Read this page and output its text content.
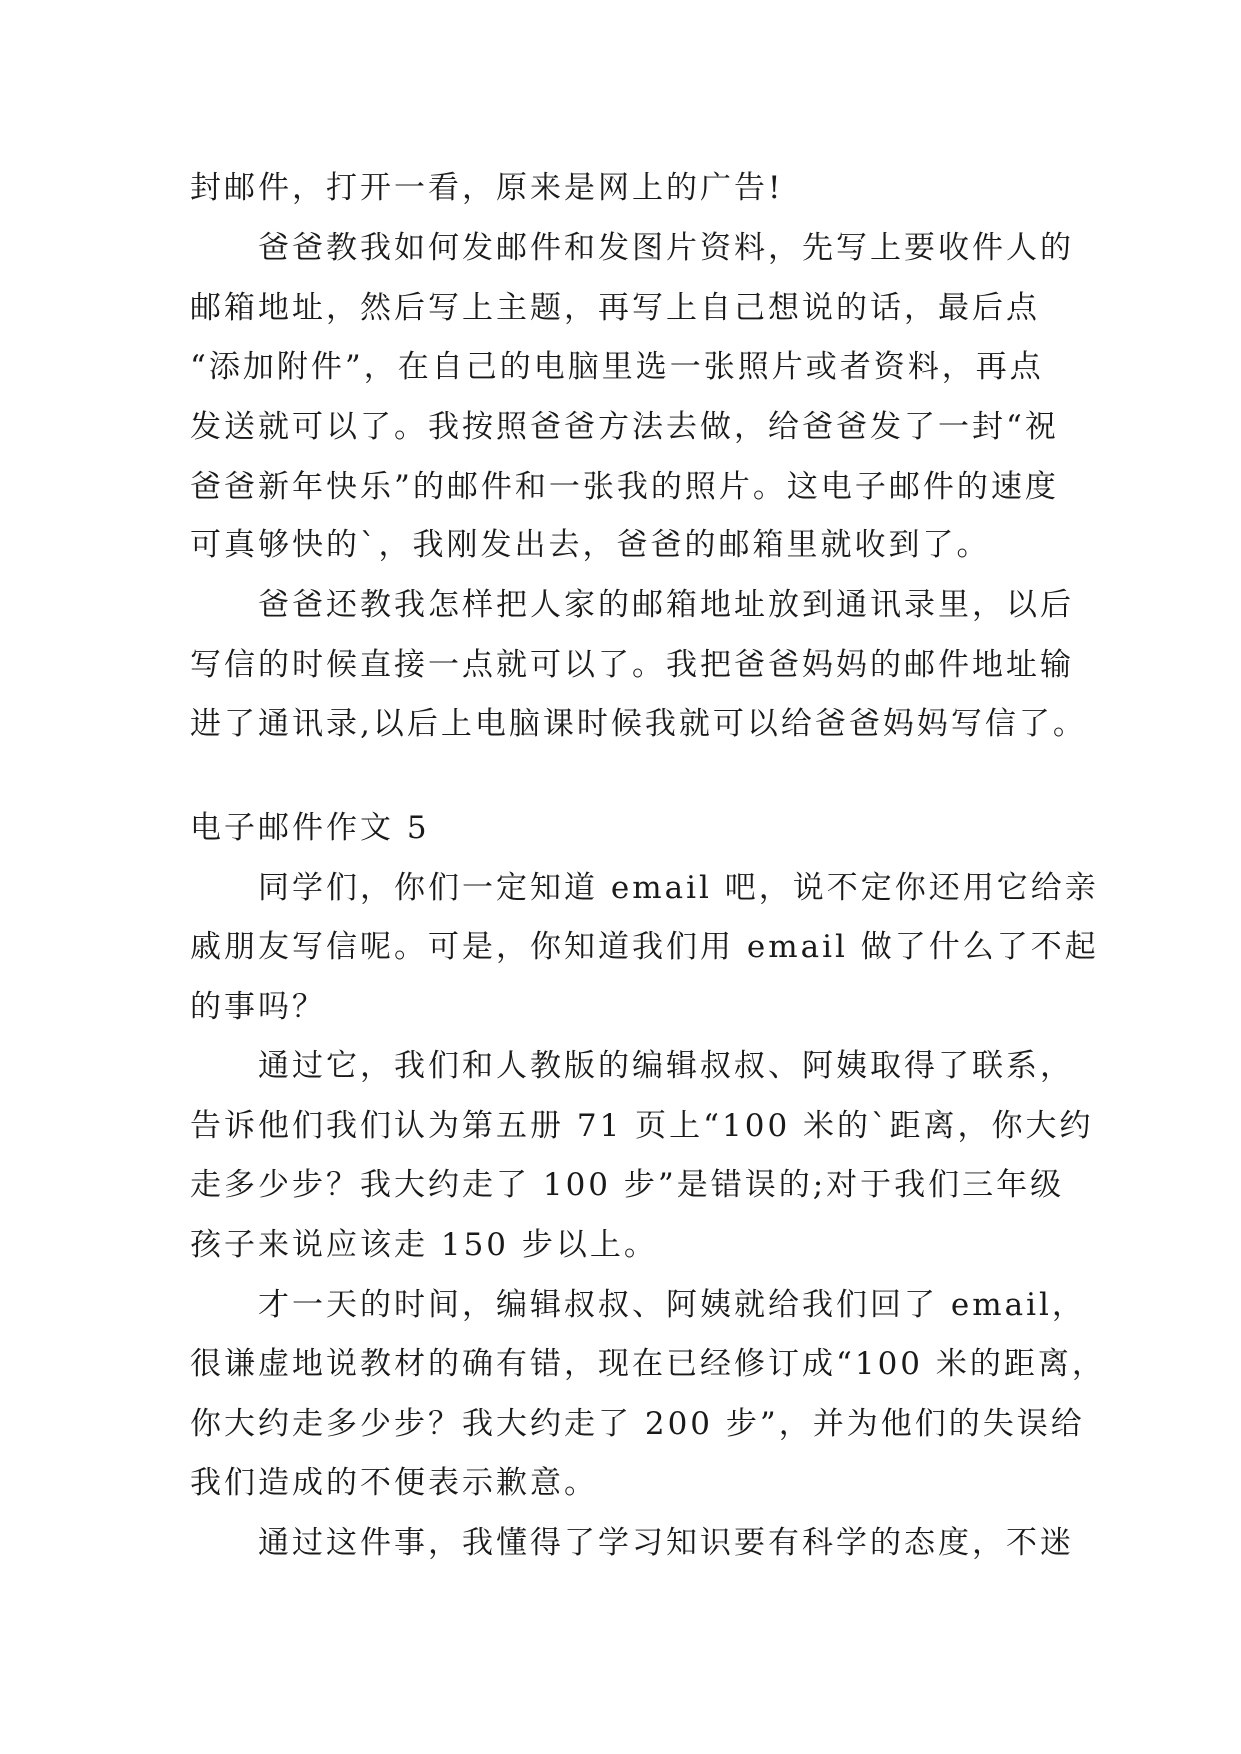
封邮件，打开一看，原来是网上的广告!
爸爸教我如何发邮件和发图片资料，先写上要收件人的
邮箱地址，然后写上主题，再写上自己想说的话，最后点
“添加附件”，在自己的电脑里选一张照片或者资料，再点
发送就可以了。我按照爸爸方法去做，给爸爸发了一封“祝
爸爸新年快乐”的邮件和一张我的照片。这电子邮件的速度
可真够快的`，我刚发出去，爸爸的邮箱里就收到了。
爸爸还教我怎样把人家的邮箱地址放到通讯录里，以后
写信的时候直接一点就可以了。我把爸爸妈妈的邮件地址输
进了通讯录,以后上电脑课时候我就可以给爸爸妈妈写信了。
电子邮件作文 5
同学们，你们一定知道 email 吧，说不定你还用它给亲
戚朋友写信呢。可是，你知道我们用 email 做了什么了不起
的事吗？
通过它，我们和人教版的编辑叔叔、阿姨取得了联系，
告诉他们我们认为第五册 71 页上“100 米的`距离，你大约
走多少步？我大约走了 100 步”是错误的;对于我们三年级
孩子来说应该走 150 步以上。
才一天的时间，编辑叔叔、阿姨就给我们回了 email，
很谦虚地说教材的确有错，现在已经修订成“100 米的距离，
你大约走多少步？我大约走了 200 步”，并为他们的失误给
我们造成的不便表示歉意。
通过这件事，我懂得了学习知识要有科学的态度，不迷
